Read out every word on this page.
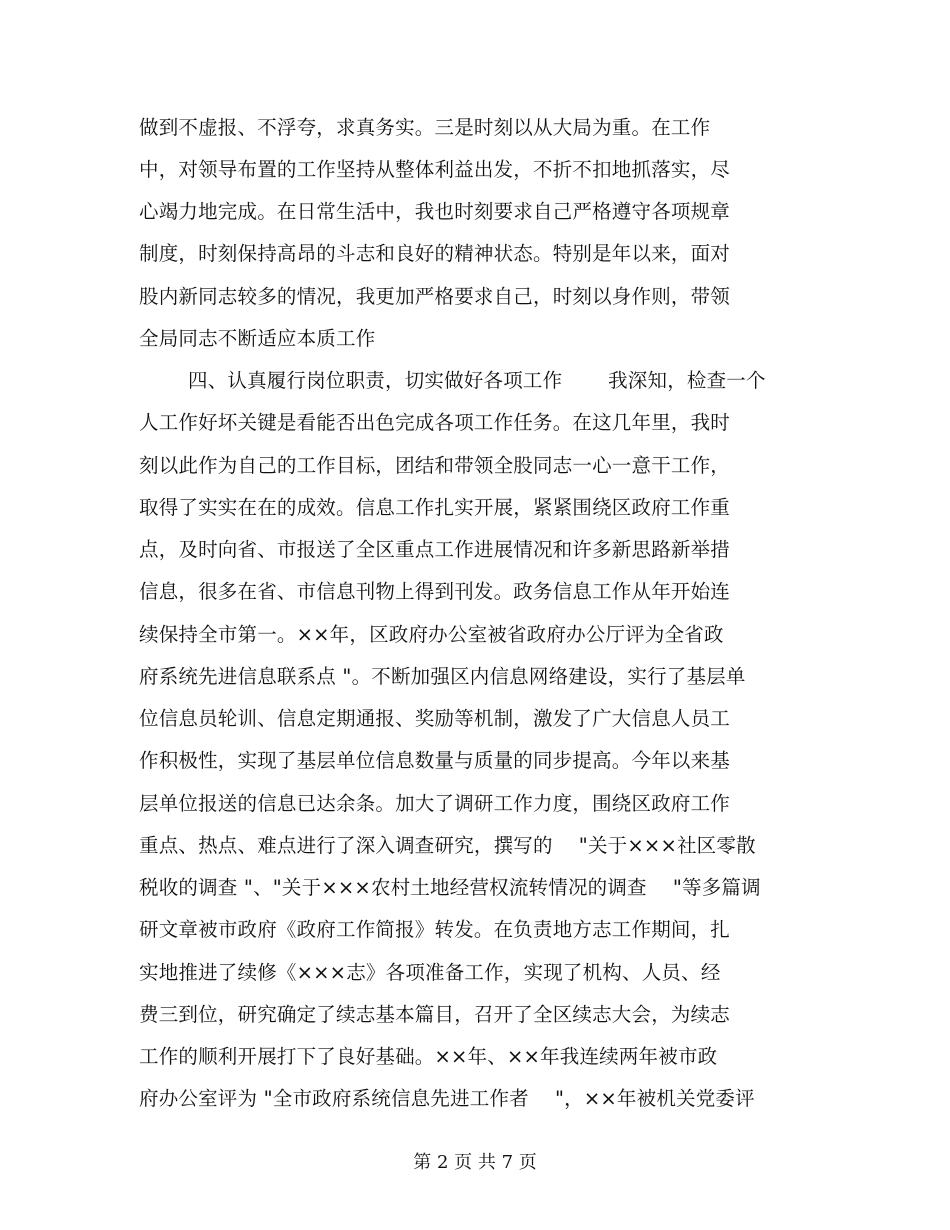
做到不虚报、不浮夸，求真务实。三是时刻以从大局为重。在工作
中，对领导布置的工作坚持从整体利益出发，不折不扣地抓落实，尽
心竭力地完成。在日常生活中，我也时刻要求自己严格遵守各项规章
制度，时刻保持高昂的斗志和良好的精神状态。特别是年以来，面对
股内新同志较多的情况，我更加严格要求自己，时刻以身作则，带领
全局同志不断适应本质工作
四、认真履行岗位职责，切实做好各项工作　　 我深知，检查一个
人工作好坏关键是看能否出色完成各项工作任务。在这几年里，我时
刻以此作为自己的工作目标，团结和带领全股同志一心一意干工作，
取得了实实在在的成效。信息工作扎实开展，紧紧围绕区政府工作重
点，及时向省、市报送了全区重点工作进展情况和许多新思路新举措
信息，很多在省、市信息刊物上得到刊发。政务信息工作从年开始连
续保持全市第一。××年，区政府办公室被省政府办公厅评为全省政
府系统先进信息联系点 "。不断加强区内信息网络建设，实行了基层单
位信息员轮训、信息定期通报、奖励等机制，激发了广大信息人员工
作积极性，实现了基层单位信息数量与质量的同步提高。今年以来基
层单位报送的信息已达余条。加大了调研工作力度，围绕区政府工作
重点、热点、难点进行了深入调查研究，撰写的　 "关于×××社区零散
税收的调查 "、"关于×××农村土地经营权流转情况的调查　 "等多篇调
研文章被市政府《政府工作简报》转发。在负责地方志工作期间，扎
实地推进了续修《×××志》各项准备工作，实现了机构、人员、经
费三到位，研究确定了续志基本篇目，召开了全区续志大会，为续志
工作的顺利开展打下了良好基础。××年、××年我连续两年被市政
府办公室评为 "全市政府系统信息先进工作者　 "，××年被机关党委评
第 2 页 共 7 页
